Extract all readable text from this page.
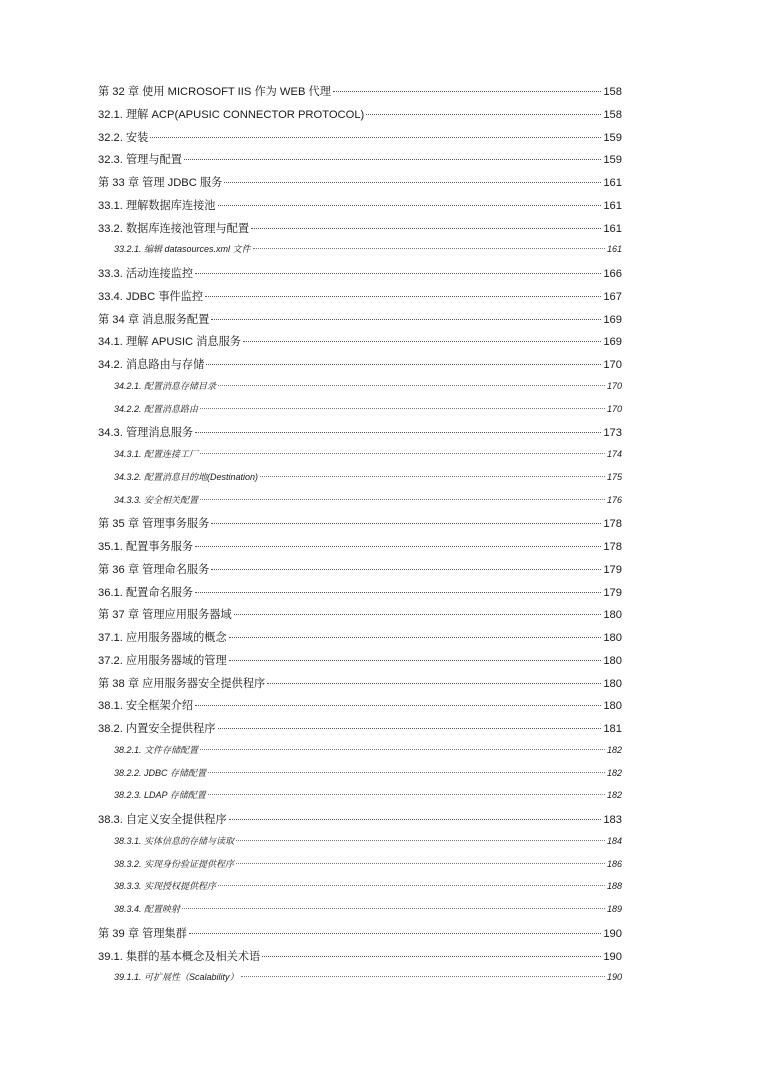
第 32 章 使用 MICROSOFT IIS 作为 WEB 代理	158
32.1. 理解 ACP(APUSIC CONNECTOR PROTOCOL)	158
32.2. 安装	159
32.3. 管理与配置	159
第 33 章 管理 JDBC 服务	161
33.1. 理解数据库连接池	161
33.2. 数据库连接池管理与配置	161
33.2.1. 编辑 datasources.xml 文件	161
33.3. 活动连接监控	166
33.4. JDBC 事件监控	167
第 34 章 消息服务配置	169
34.1. 理解 APUSIC 消息服务	169
34.2. 消息路由与存储	170
34.2.1. 配置消息存储目录	170
34.2.2. 配置消息路由	170
34.3. 管理消息服务	173
34.3.1. 配置连接工厂	174
34.3.2. 配置消息目的地(Destination)	175
34.3.3. 安全相关配置	176
第 35 章 管理事务服务	178
35.1. 配置事务服务	178
第 36 章 管理命名服务	179
36.1. 配置命名服务	179
第 37 章 管理应用服务器域	180
37.1. 应用服务器域的概念	180
37.2. 应用服务器域的管理	180
第 38 章 应用服务器安全提供程序	180
38.1. 安全框架介绍	180
38.2. 内置安全提供程序	181
38.2.1. 文件存储配置	182
38.2.2. JDBC 存储配置	182
38.2.3. LDAP 存储配置	182
38.3. 自定义安全提供程序	183
38.3.1. 实体信息的存储与读取	184
38.3.2. 实现身份验证提供程序	186
38.3.3. 实现授权提供程序	188
38.3.4. 配置映射	189
第 39 章 管理集群	190
39.1. 集群的基本概念及相关术语	190
39.1.1. 可扩展性（Scalability）	190
